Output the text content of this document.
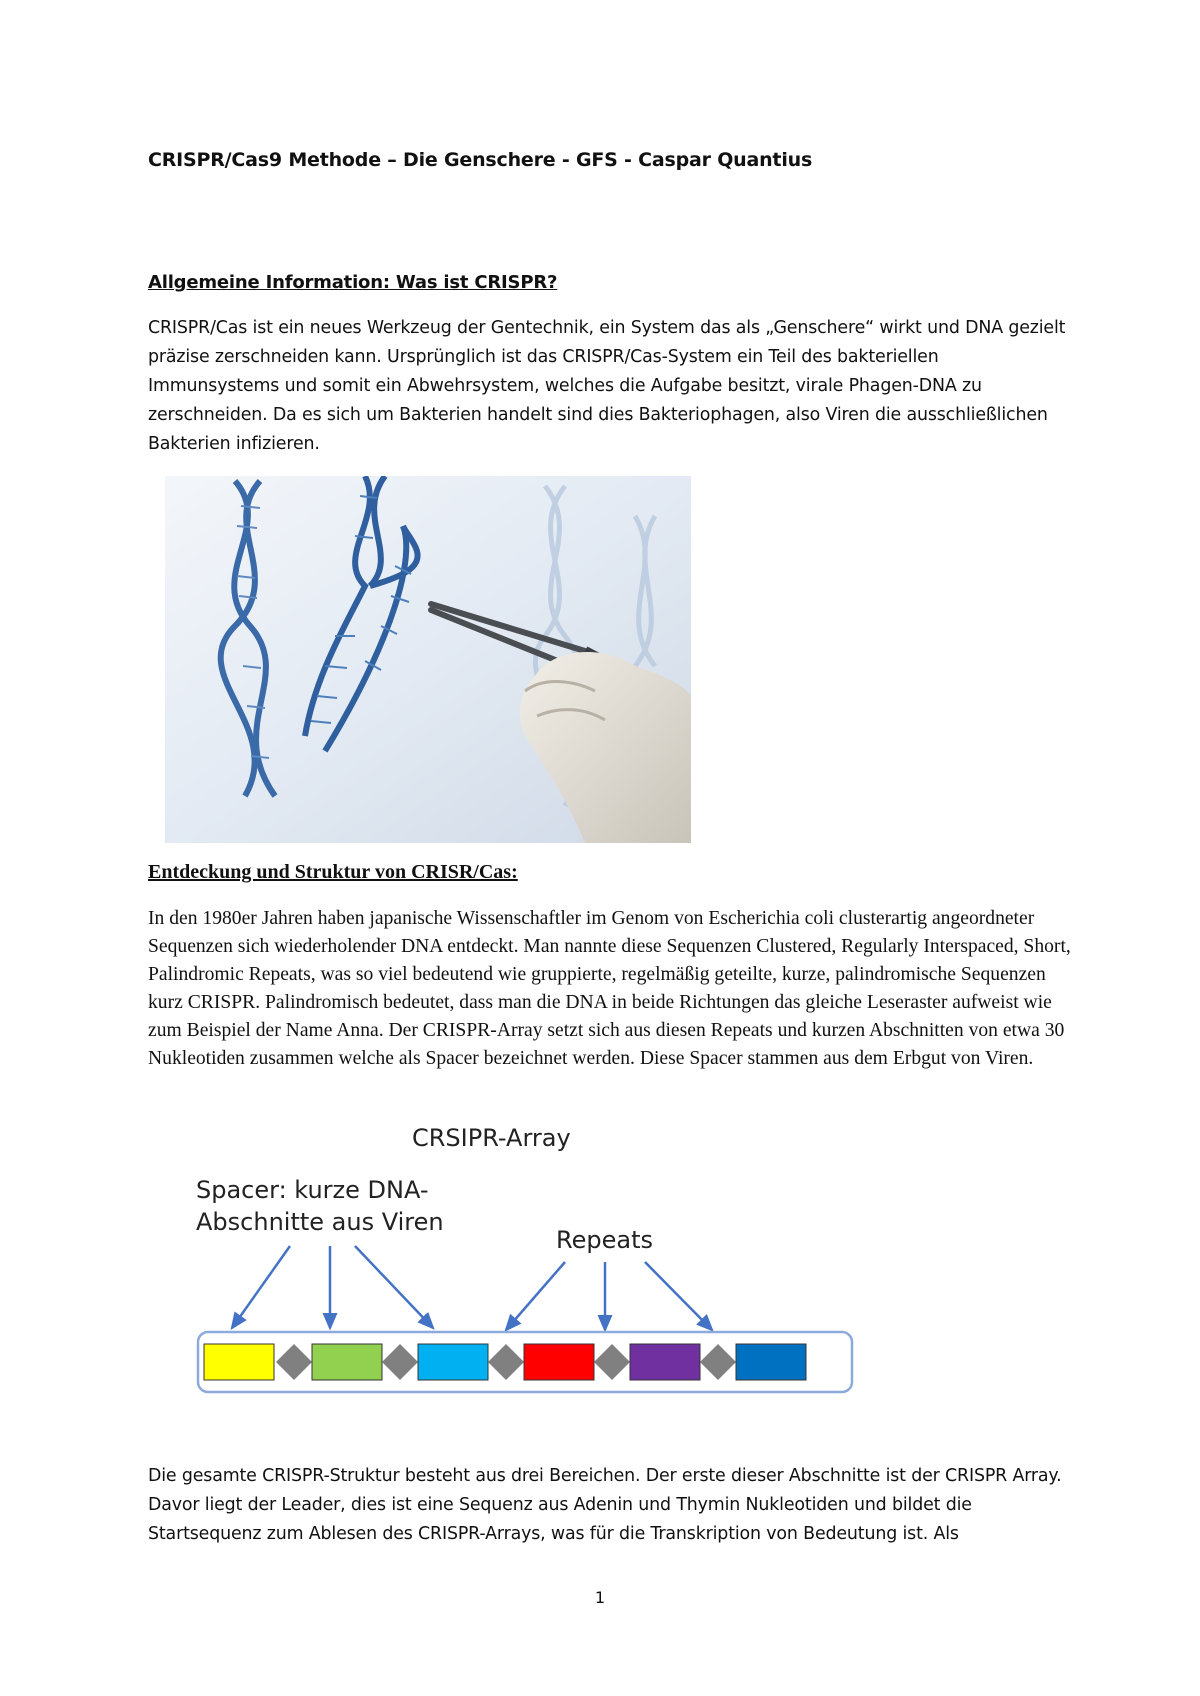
CRISPR/Cas9 Methode – Die Genschere - GFS - Caspar Quantius
Allgemeine Information: Was ist CRISPR?

CRISPR/Cas ist ein neues Werkzeug der Gentechnik, ein System das als „Genschere“ wirkt und DNA gezielt präzise zerschneiden kann. Ursprünglich ist das CRISPR/Cas-System ein Teil des bakteriellen Immunsystems und somit ein Abwehrsystem, welches die Aufgabe besitzt, virale Phagen-DNA zu zerschneiden. Da es sich um Bakterien handelt sind dies Bakteriophagen, also Viren die ausschließlichen Bakterien infizieren.

Entdeckung und Struktur von CRISR/Cas:

In den 1980er Jahren haben japanische Wissenschaftler im Genom von Escherichia coli clusterartig angeordneter Sequenzen sich wiederholender DNA entdeckt. Man nannte diese Sequenzen Clustered, Regularly Interspaced, Short, Palindromic Repeats, was so viel bedeutend wie gruppierte, regelmäßig geteilte, kurze, palindromische Sequenzen kurz CRISPR. Palindromisch bedeutet, dass man die DNA in beide Richtungen das gleiche Leseraster aufweist wie zum Beispiel der Name Anna. Der CRISPR-Array setzt sich aus diesen Repeats und kurzen Abschnitten von etwa 30 Nukleotiden zusammen welche als Spacer bezeichnet werden. Diese Spacer stammen aus dem Erbgut von Viren.

CRSIPR-Array
Spacer: kurze DNA-
Abschnitte aus Viren
Repeats

Die gesamte CRISPR-Struktur besteht aus drei Bereichen. Der erste dieser Abschnitte ist der CRISPR Array. Davor liegt der Leader, dies ist eine Sequenz aus Adenin und Thymin Nukleotiden und bildet die Startsequenz zum Ablesen des CRISPR-Arrays, was für die Transkription von Bedeutung ist. Als

1
